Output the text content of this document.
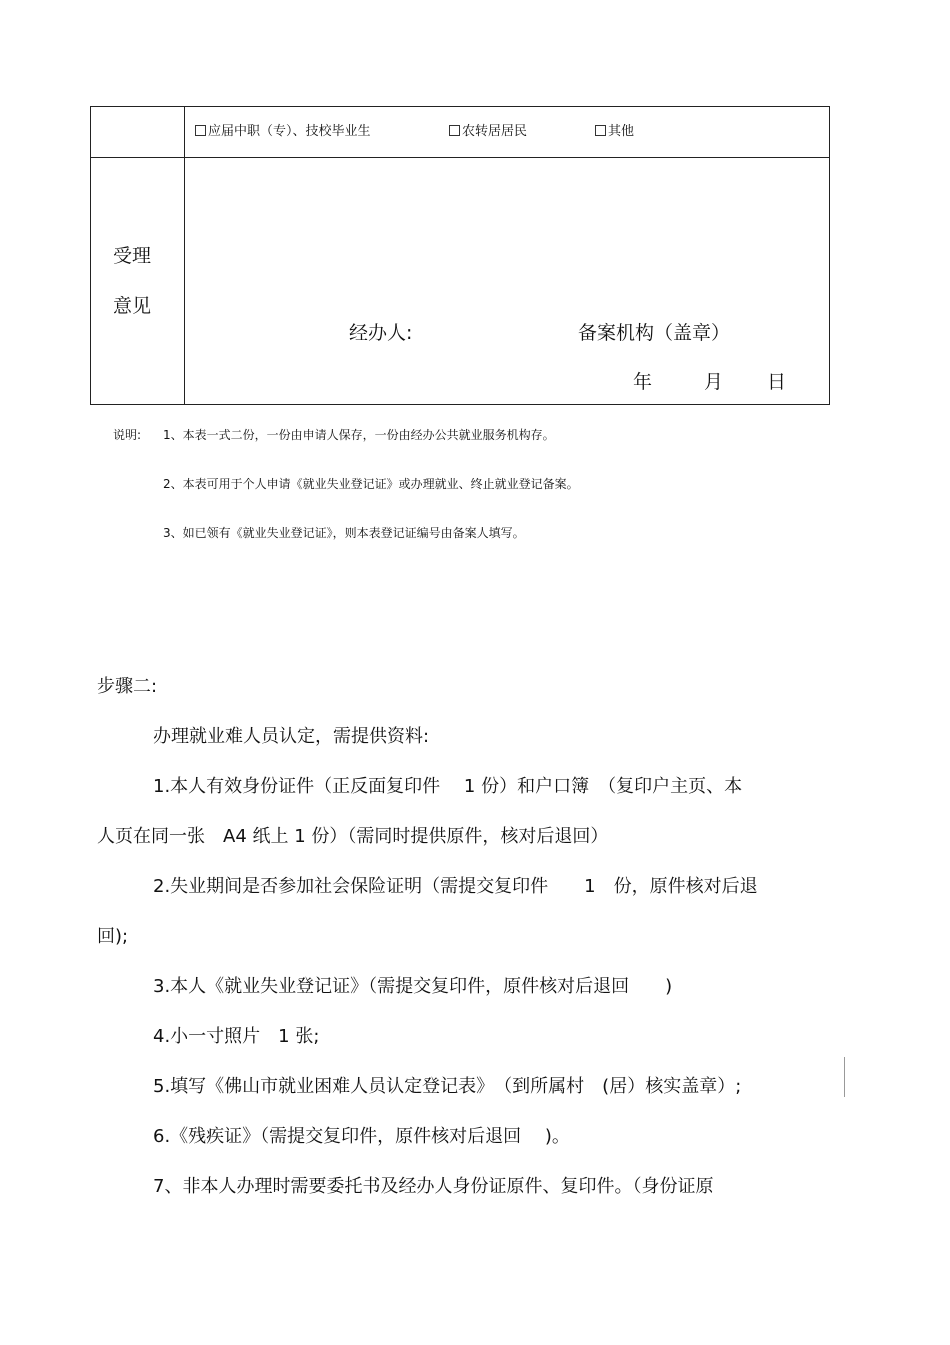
应届中职（专）、技校毕业生	农转居居民	其他
受理
意见
经办人:	备案机构（盖章）
年	月 日
说明: 1、本表一式二份，一份由申请人保存，一份由经办公共就业服务机构存。
2、本表可用于个人申请《就业失业登记证》或办理就业、终止就业登记备案。
3、如已领有《就业失业登记证》，则本表登记证编号由备案人填写。
步骤二:
办理就业难人员认定，需提供资料:
1.本人有效身份证件（正反面复印件　 1 份）和户口簿　（复印户主页、本
人页在同一张　A4 纸上 1 份）（需同时提供原件，核对后退回）
2.失业期间是否参加社会保险证明（需提交复印件　　1　份，原件核对后退
回);
3.本人《就业失业登记证》（需提交复印件，原件核对后退回　　)
4.小一寸照片　1 张;
5.填写《佛山市就业困难人员认定登记表》　（到所属村　(居）核实盖章）;
6.《残疾证》（需提交复印件，原件核对后退回　 )。
7、非本人办理时需要委托书及经办人身份证原件、复印件。（身份证原
